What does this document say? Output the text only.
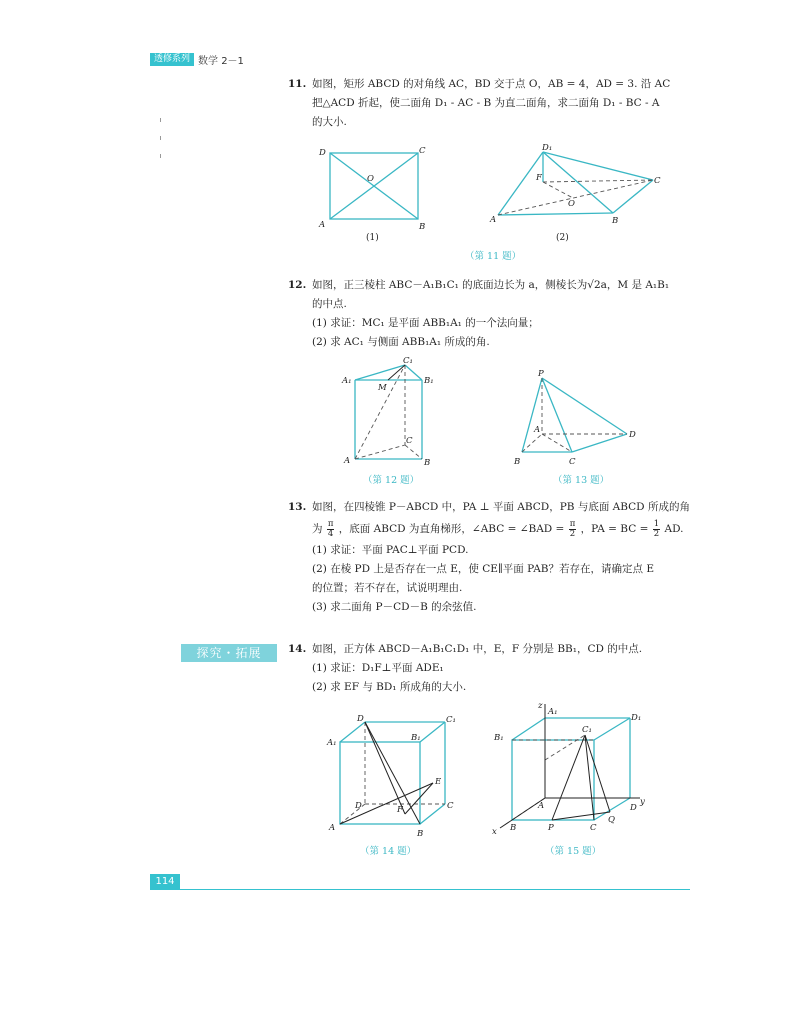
透修系列 数学 2－1
11. 如图，矩形 ABCD 的对角线 AC，BD 交于点 O，AB = 4，AD = 3. 沿 AC
把△ACD 折起，使二面角 D₁ - AC - B 为直二面角，求二面角 D₁ - BC - A
的大小.
D	C
A	B
O
(1)
D₁
C
A	B
O
F
(2)
（第 11 题）
12. 如图，正三棱柱 ABC－A₁B₁C₁ 的底面边长为 a，侧棱长为√2a，M 是 A₁B₁
的中点.
(1) 求证：MC₁ 是平面 ABB₁A₁ 的一个法向量；
(2) 求 AC₁ 与侧面 ABB₁A₁ 所成的角.
C₁
A₁	B₁
M
C
A	B
（第 12 题）
P
A	D
B	C
（第 13 题）
13. 如图，在四棱锥 P－ABCD 中，PA ⊥ 平面 ABCD，PB 与底面 ABCD 所成的角
为 $\frac{\pi}{4}$ ，底面 ABCD 为直角梯形，∠ABC = ∠BAD = $\frac{\pi}{2}$ ，PA = BC = $\frac{1}{2}$ AD.
(1) 求证：平面 PAC⊥平面 PCD.
(2) 在棱 PD 上是否存在一点 E，使 CE∥平面 PAB？若存在，请确定点 E
的位置；若不存在，试说明理由.
(3) 求二面角 P－CD－B 的余弦值.
探究・拓展	14. 如图，正方体 ABCD－A₁B₁C₁D₁ 中，E，F 分别是 BB₁，CD 的中点.
(1) 求证：D₁F⊥平面 ADE₁
(2) 求 EF 与 BD₁ 所成角的大小.
D	C₁
A₁	B₁
E
D	F	C
A
B
（第 14 题）
z
A₁
D₁
B₁
C₁
A	D
y
x B	P	C
Q
（第 15 题）
114
